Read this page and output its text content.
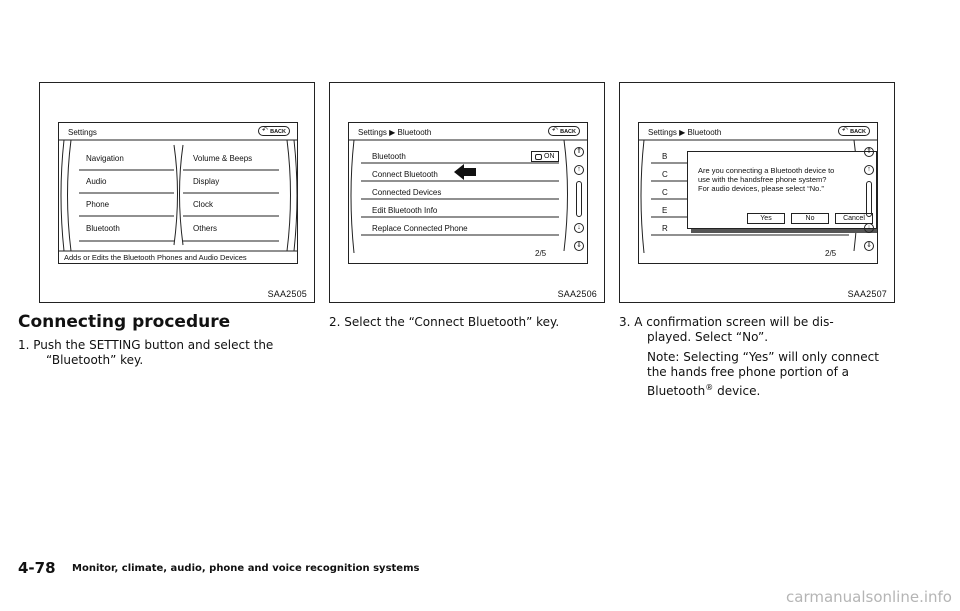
Settings	↶ BACK
Navigation
Audio
Phone
Bluetooth
Volume & Beeps
Display
Clock
Others
Adds or Edits the Bluetooth Phones and Audio Devices
SAA2505
Settings ▶ Bluetooth	↶ BACK
Bluetooth	ON
Connect Bluetooth
Connected Devices
Edit Bluetooth Info
Replace Connected Phone
⇑
↑
↓
⇓
2/5
SAA2506
Settings ▶ Bluetooth	↶ BACK
B
C
C
E
R
Are you connecting a Bluetooth device to
use with the handsfree phone system?
For audio devices, please select “No.”
Yes	No	Cancel
⇑
↑
↓
⇓
2/5
SAA2507
Connecting procedure
1. Push the SETTING button and select the
“Bluetooth” key.
2. Select the “Connect Bluetooth” key.	3. A confirmation screen will be dis-
played. Select “No”.
Note: Selecting “Yes” will only connect
the hands free phone portion of a
Bluetooth® device.
4-78 Monitor, climate, audio, phone and voice recognition systems
carmanualsonline.info
